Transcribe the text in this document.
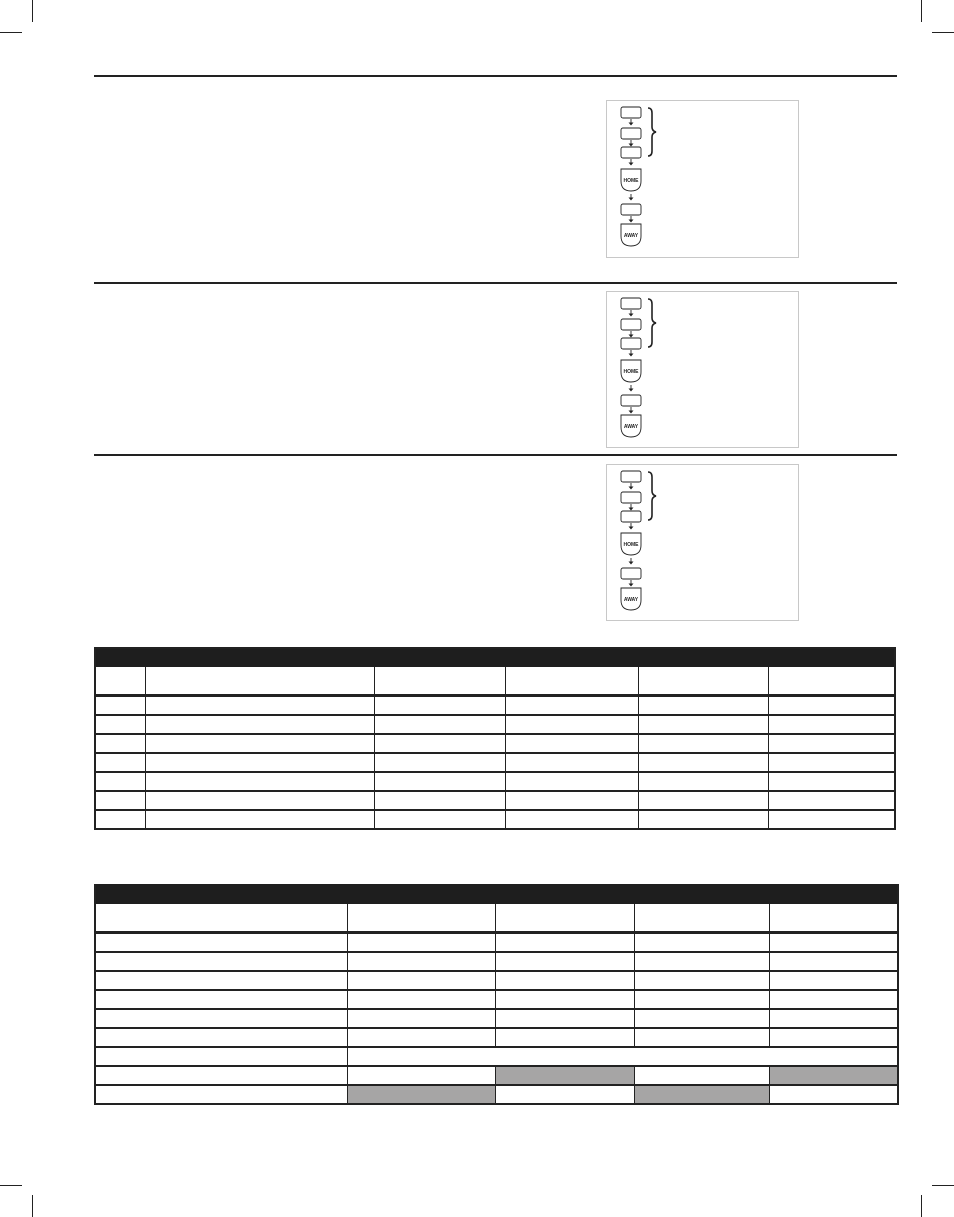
HOME
AWAY
HOME
AWAY
HOME
AWAY
